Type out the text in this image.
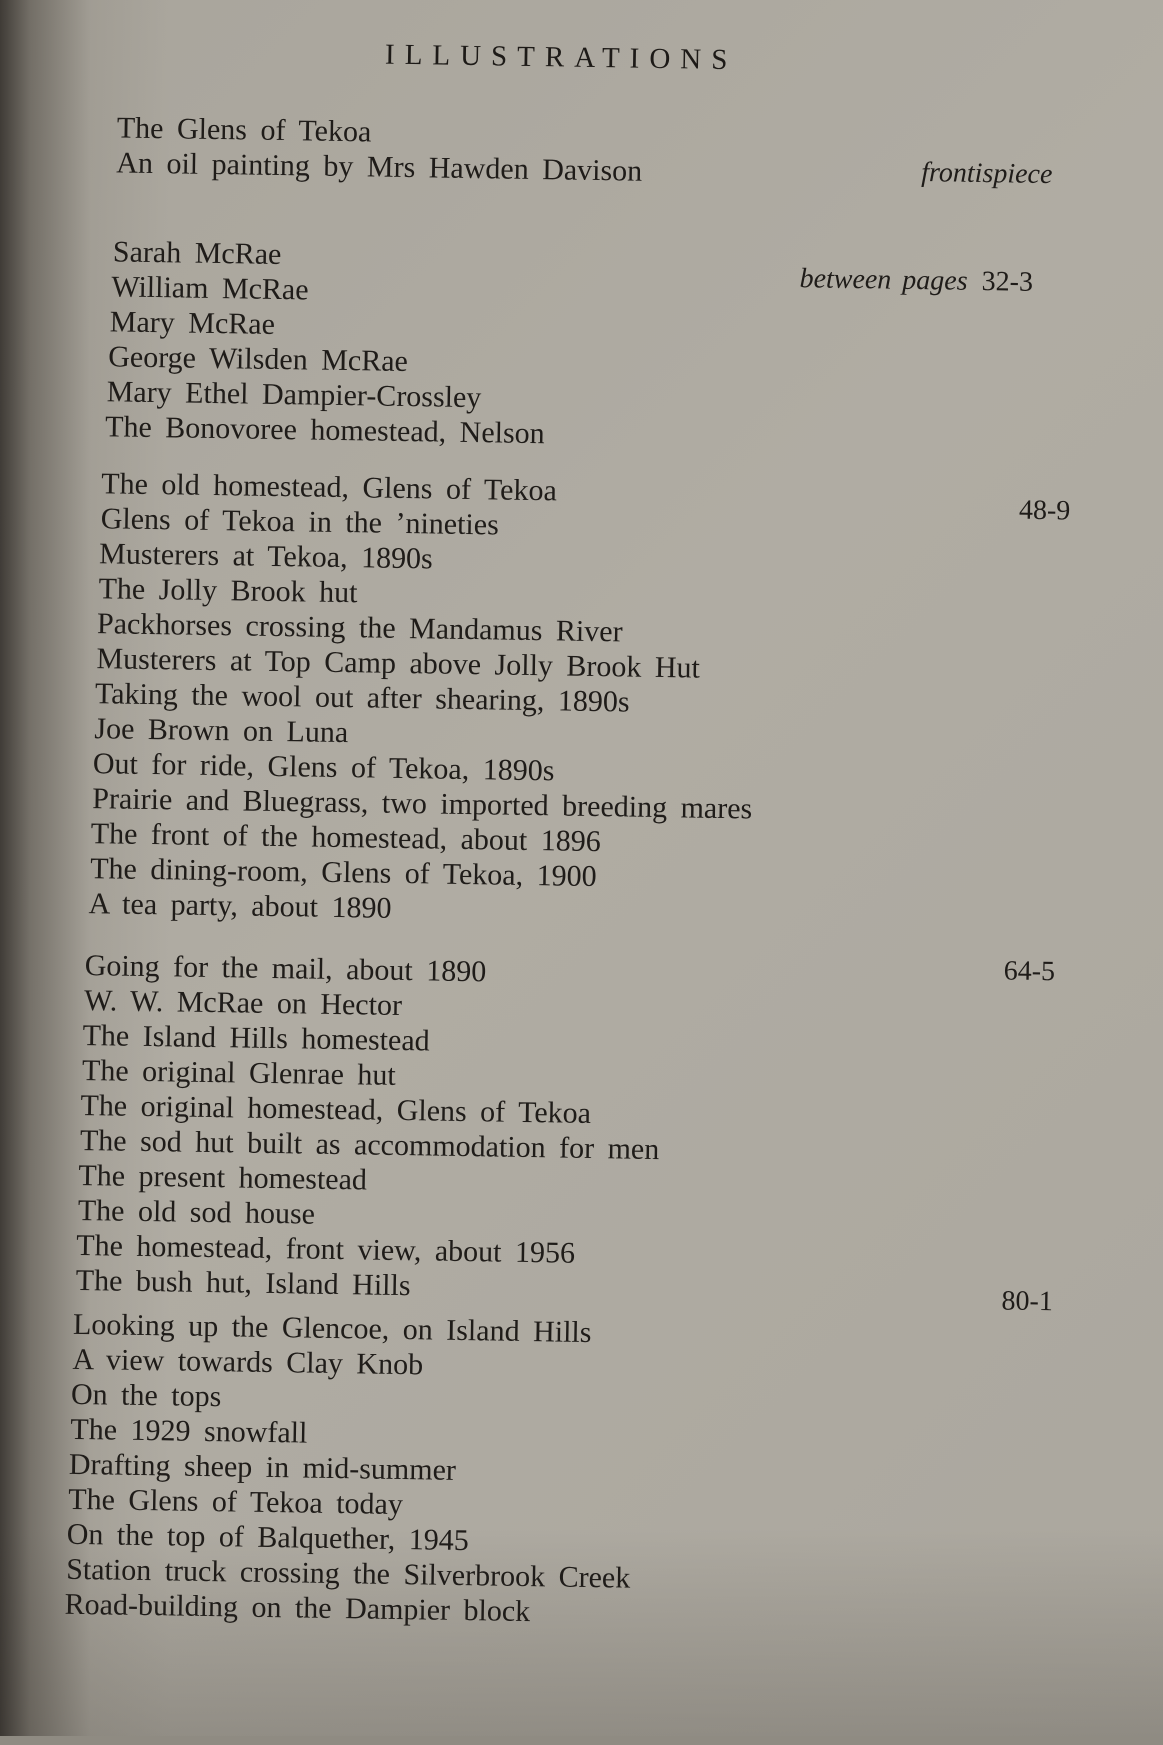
ILLUSTRATIONS
The Glens of Tekoa
An oil painting by Mrs Hawden Davison	frontispiece
Sarah McRae
William McRae
Mary McRae
George Wilsden McRae
Mary Ethel Dampier-Crossley
The Bonovoree homestead, Nelson
between pages 32-3
The old homestead, Glens of Tekoa
Glens of Tekoa in the ’nineties
Musterers at Tekoa, 1890s
The Jolly Brook hut
Packhorses crossing the Mandamus River
Musterers at Top Camp above Jolly Brook Hut
Taking the wool out after shearing, 1890s
Joe Brown on Luna
Out for ride, Glens of Tekoa, 1890s
Prairie and Bluegrass, two imported breeding mares
The front of the homestead, about 1896
The dining-room, Glens of Tekoa, 1900
A tea party, about 1890
48-9
Going for the mail, about 1890
W. W. McRae on Hector
The Island Hills homestead
The original Glenrae hut
The original homestead, Glens of Tekoa
The sod hut built as accommodation for men
The present homestead
The old sod house
The homestead, front view, about 1956
The bush hut, Island Hills
64-5
Looking up the Glencoe, on Island Hills
A view towards Clay Knob
On the tops
The 1929 snowfall
Drafting sheep in mid-summer
The Glens of Tekoa today
On the top of Balquether, 1945
Station truck crossing the Silverbrook Creek
Road-building on the Dampier block
80-1
